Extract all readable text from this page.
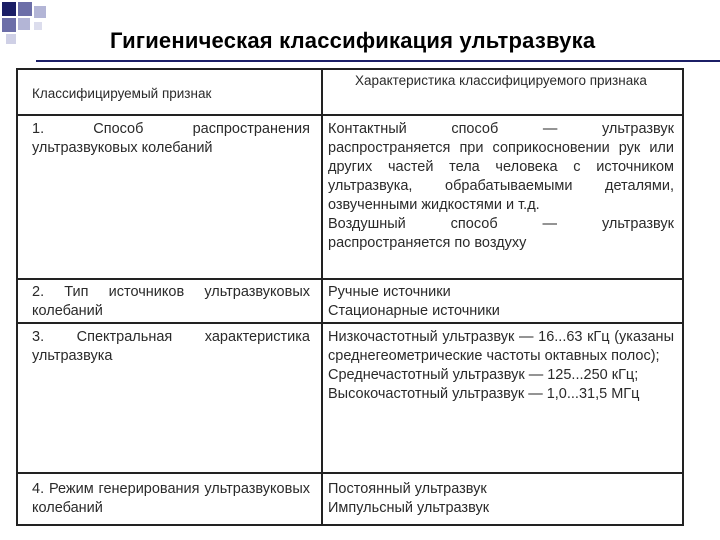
Гигиеническая классификация ультразвука
Классифицируемый признак
Характеристика классифицируемого признака
1. Способ распространения ультразвуковых колебаний
Контактный способ — ультразвук распространяется при соприкосновении рук или других частей тела человека с источником ультразвука, обрабатываемыми деталями, озвученными жидкостями и т.д.
Воздушный способ — ультразвук распространяется по воздуху
2. Тип источников ультразвуковых колебаний
Ручные источники
Стационарные источники
3. Спектральная характеристика ультразвука
Низкочастотный ультразвук — 16...63 кГц (указаны среднегеометрические частоты октавных полос);
Среднечастотный ультразвук — 125...250 кГц;
Высокочастотный ультразвук — 1,0...31,5 МГц
4. Режим генерирования ультразвуковых колебаний
Постоянный ультразвук
Импульсный ультразвук
